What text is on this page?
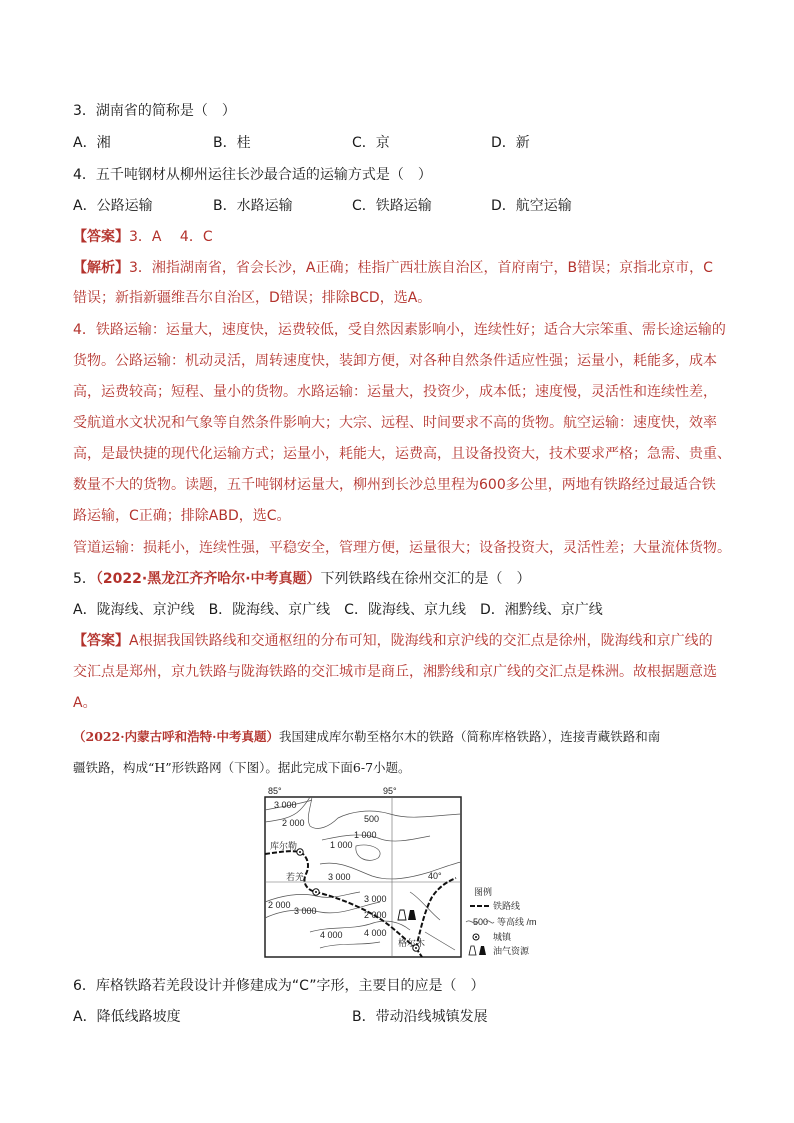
3．湖南省的简称是（　）
A．湘	B．桂	C．京	D．新
4．五千吨钢材从柳州运往长沙最合适的运输方式是（　）
A．公路运输	B．水路运输	C．铁路运输	D．航空运输
【答案】3．A　 4．C
【解析】3．湘指湖南省，省会长沙，A正确；桂指广西壮族自治区，首府南宁，B错误；京指北京市，C
错误；新指新疆维吾尔自治区，D错误；排除BCD，选A。
4．铁路运输：运量大，速度快，运费较低，受自然因素影响小，连续性好；适合大宗笨重、需长途运输的
货物。公路运输：机动灵活，周转速度快，装卸方便，对各种自然条件适应性强；运量小，耗能多，成本
高，运费较高；短程、量小的货物。水路运输：运量大，投资少，成本低；速度慢，灵活性和连续性差，
受航道水文状况和气象等自然条件影响大；大宗、远程、时间要求不高的货物。航空运输：速度快，效率
高，是最快捷的现代化运输方式；运量小，耗能大，运费高，且设备投资大，技术要求严格；急需、贵重、
数量不大的货物。读题，五千吨钢材运量大，柳州到长沙总里程为600多公里，两地有铁路经过最适合铁
路运输，C正确；排除ABD，选C。
管道运输：损耗小，连续性强，平稳安全，管理方便，运量很大；设备投资大，灵活性差；大量流体货物。
5．（2022·黑龙江齐齐哈尔·中考真题）下列铁路线在徐州交汇的是（　）
A．陇海线、京沪线　B．陇海线、京广线　C．陇海线、京九线　D．湘黔线、京广线
【答案】A根据我国铁路线和交通枢纽的分布可知，陇海线和京沪线的交汇点是徐州，陇海线和京广线的
交汇点是郑州，京九铁路与陇海铁路的交汇城市是商丘，湘黔线和京广线的交汇点是株洲。故根据题意选
A。
（2022·内蒙古呼和浩特·中考真题）我国建成库尔勒至格尔木的铁路（简称库格铁路），连接青藏铁路和南
疆铁路，构成“H”形铁路网（下图）。据此完成下面6-7小题。
85°	95°
40°
3 000
2 000	500
1 000
1 000
3 000
2 000
3 000
4 000
3 000
2 000
4 000
库尔勒
若羌
格尔木
图例
铁路线
500 等高线 /m
城镇
油气资源
6．库格铁路若羌段设计并修建成为“C”字形，主要目的应是（　）
A．降低线路坡度	B．带动沿线城镇发展
